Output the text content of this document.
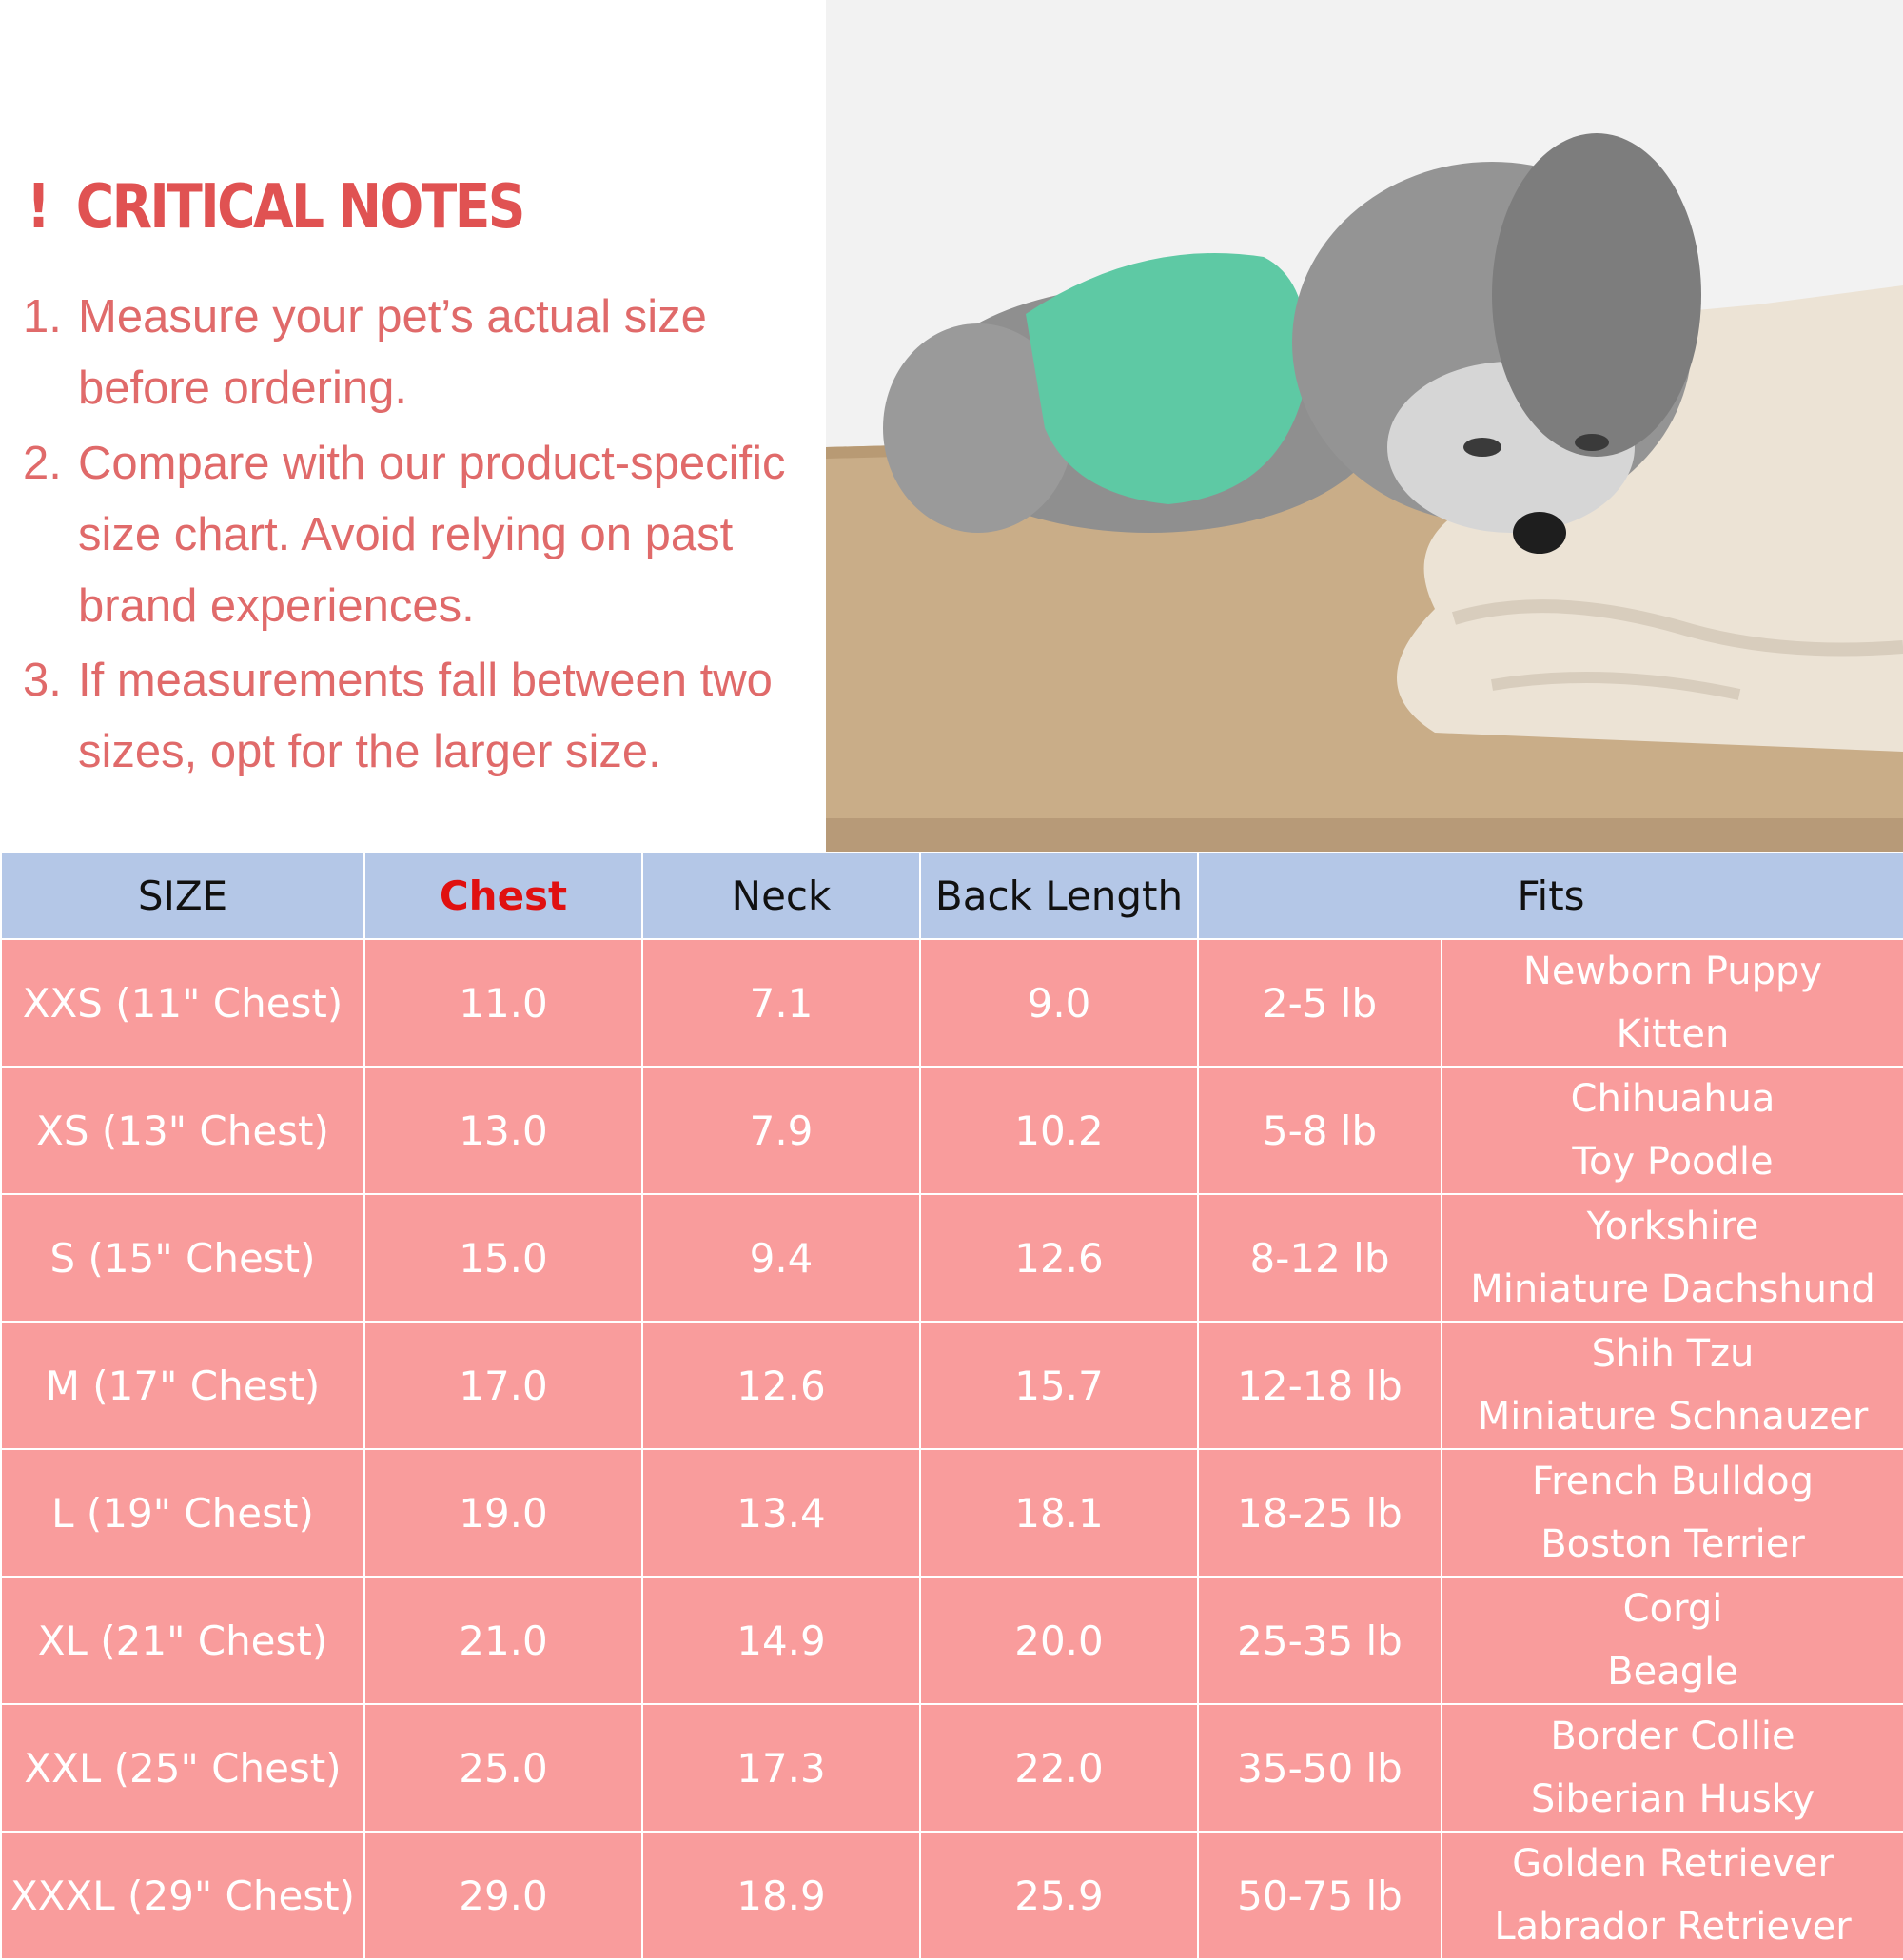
! CRITICAL NOTES
1. Measure your pet’s actual size before ordering.
2. Compare with our product-specific size chart. Avoid relying on past brand experiences.
3. If measurements fall between two sizes, opt for the larger size.
SIZE	Chest	Neck	Back Length	Fits	
XXS (11" Chest)	11.0	7.1	9.0	2-5 lb	Newborn Puppy
Kitten

XS (13" Chest)	13.0	7.9	10.2	5-8 lb	Chihuahua
Toy Poodle

S (15" Chest)	15.0	9.4	12.6	8-12 lb	Yorkshire
Miniature Dachshund

M (17" Chest)	17.0	12.6	15.7	12-18 lb	Shih Tzu
Miniature Schnauzer

L (19" Chest)	19.0	13.4	18.1	18-25 lb	French Bulldog
Boston Terrier

XL (21" Chest)	21.0	14.9	20.0	25-35 lb	Corgi
Beagle

XXL (25" Chest)	25.0	17.3	22.0	35-50 lb	Border Collie
Siberian Husky

XXXL (29" Chest)	29.0	18.9	25.9	50-75 lb	Golden Retriever
Labrador Retriever
